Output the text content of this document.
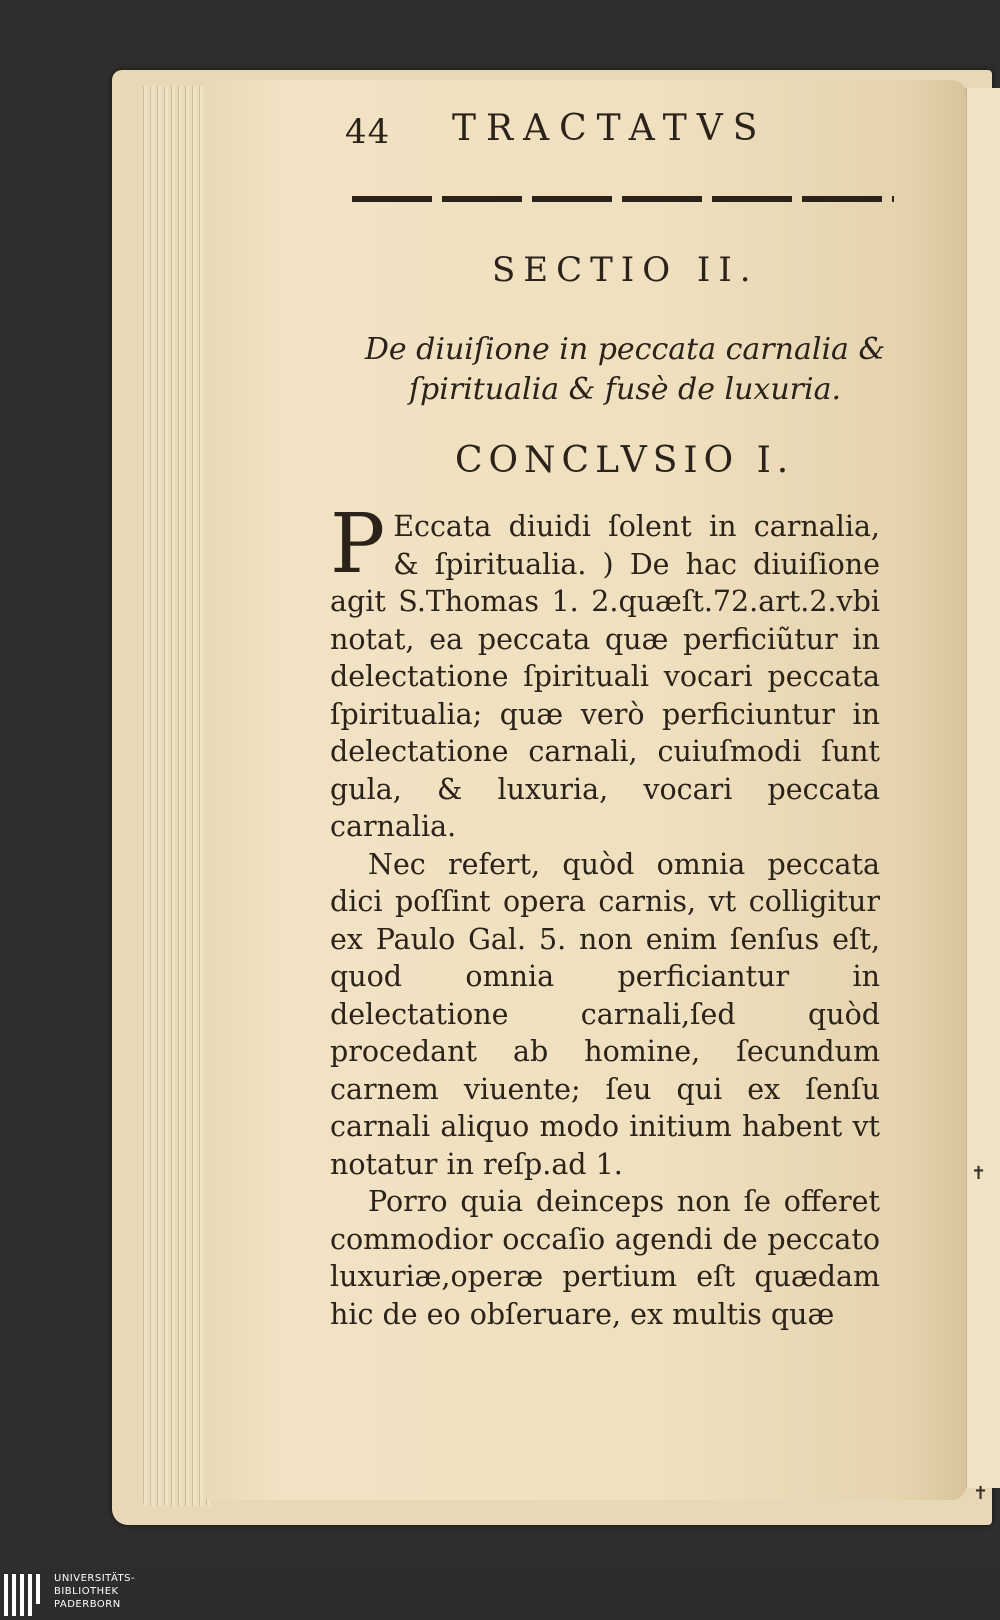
✝
✝
44 TRACTATVS
SECTIO II.
De diuiſione in peccata carnalia &
ſpiritualia & fusè de luxuria.
CONCLVSIO I.

P Eccata diuidi ſolent in carnalia, & ſpiritualia. ) De hac diuiſione agit S.Thomas 1. 2.quæſt.72.art.2.vbi notat, ea peccata quæ perficiũtur in delectatione ſpirituali vocari peccata ſpiritualia; quæ verò perficiuntur in delectatione carnali, cuiuſmodi ſunt gula, & luxuria, vocari peccata carnalia.

Nec refert, quòd omnia peccata dici poſſint opera carnis, vt colligitur ex Paulo Gal. 5. non enim ſenſus eſt, quod omnia perficiantur in delectatione carnali,ſed quòd procedant ab homine, ſecundum carnem viuente; ſeu qui ex ſenſu carnali aliquo modo initium habent vt notatur in reſp.ad 1.

Porro quia deinceps non ſe offeret commodior occaſio agendi de peccato luxuriæ,operæ pertium eſt quædam hic de eo obſeruare, ex multis quæ

UNIVERSITÄTS-
BIBLIOTHEK
PADERBORN
